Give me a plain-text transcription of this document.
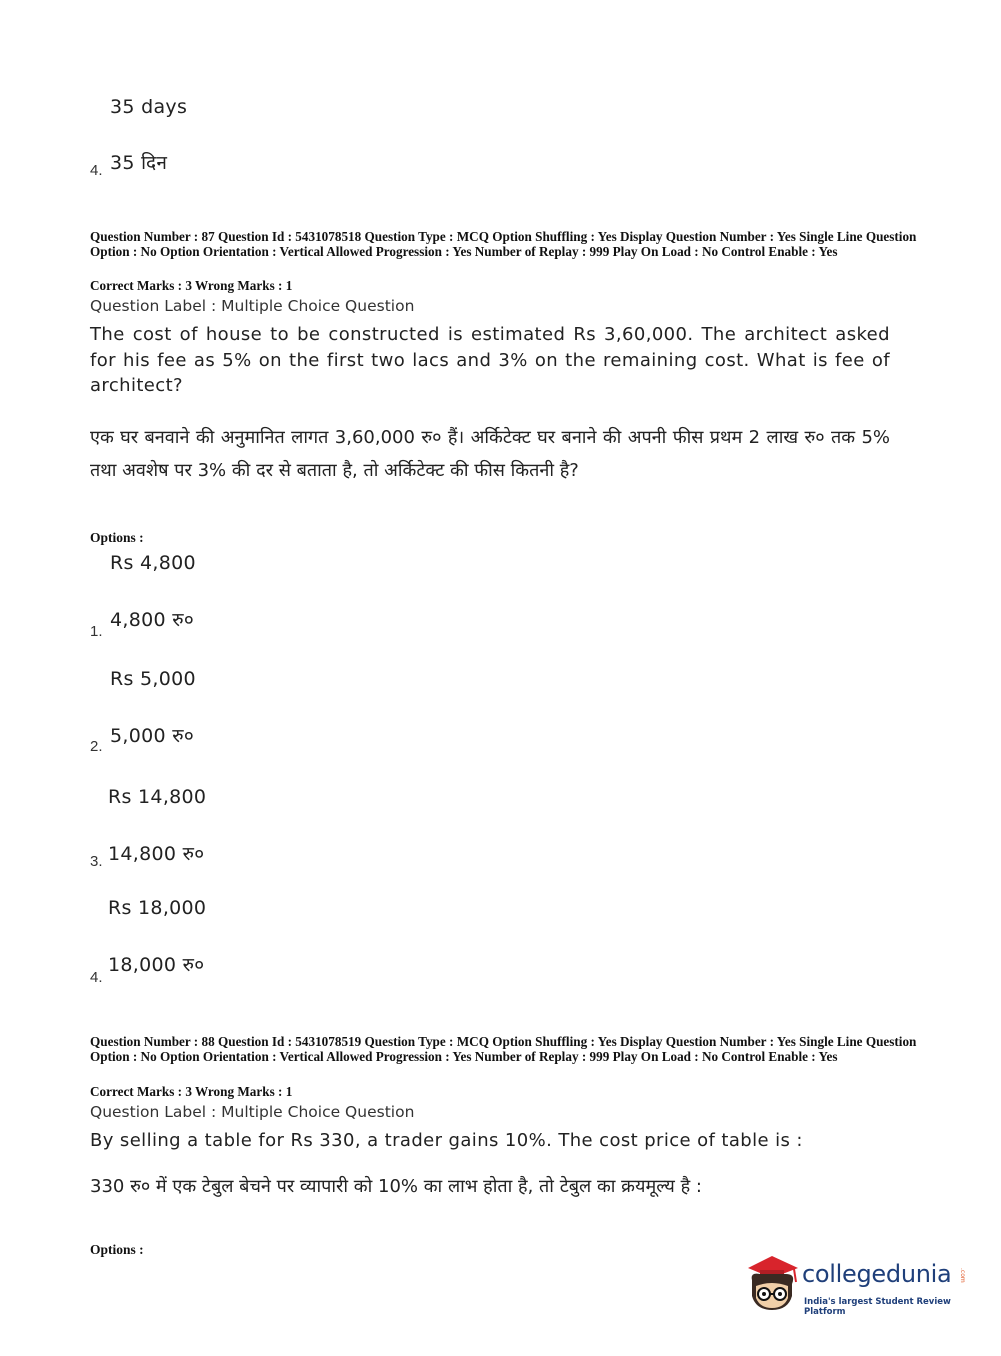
35 days
4. 35 दिन
Question Number : 87 Question Id : 5431078518 Question Type : MCQ Option Shuffling : Yes Display Question Number : Yes Single Line Question Option : No Option Orientation : Vertical Allowed Progression : Yes Number of Replay : 999 Play On Load : No Control Enable : Yes
Correct Marks : 3 Wrong Marks : 1
Question Label : Multiple Choice Question
The cost of house to be constructed is estimated Rs 3,60,000. The architect asked for his fee as 5% on the first two lacs and 3% on the remaining cost. What is fee of architect?
एक घर बनवाने की अनुमानित लागत 3,60,000 रु० हैं। अर्किटेक्ट घर बनाने की अपनी फीस प्रथम 2 लाख रु० तक 5% तथा अवशेष पर 3% की दर से बताता है, तो अर्किटेक्ट की फीस कितनी है?
Options :
Rs 4,800
1.
4,800 रु०
Rs 5,000
2. 5,000 रु०
Rs 14,800
3. 14,800 रु०
Rs 18,000
4.
18,000 रु०
Question Number : 88 Question Id : 5431078519 Question Type : MCQ Option Shuffling : Yes Display Question Number : Yes Single Line Question Option : No Option Orientation : Vertical Allowed Progression : Yes Number of Replay : 999 Play On Load : No Control Enable : Yes
Correct Marks : 3 Wrong Marks : 1
Question Label : Multiple Choice Question
By selling a table for Rs 330, a trader gains 10%. The cost price of table is :
330 रु० में एक टेबुल बेचने पर व्यापारी को 10% का लाभ होता है, तो टेबुल का क्रयमूल्य है :
Options :
collegedunia .com
India's largest Student Review Platform
